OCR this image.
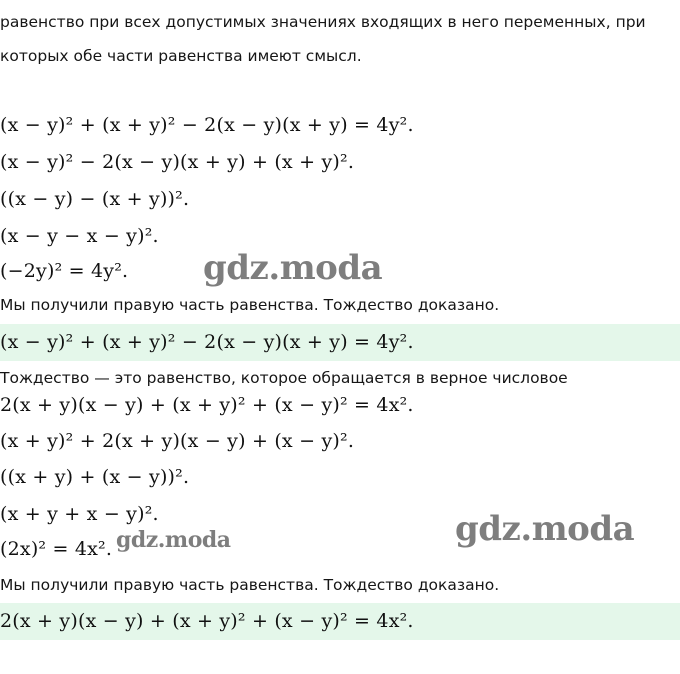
равенство при всех допустимых значениях входящих в него переменных, при
которых обе части равенства имеют смысл.
(x − y)² + (x + y)² − 2(x − y)(x + y) = 4y².
(x − y)² − 2(x − y)(x + y) + (x + y)².
((x − y) − (x + y))².
(x − y − x − y)².
(−2y)² = 4y². gdz.moda
Мы получили правую часть равенства. Тождество доказано.
(x − y)² + (x + y)² − 2(x − y)(x + y) = 4y².
Тождество — это равенство, которое обращается в верное числовое
2(x + y)(x − y) + (x + y)² + (x − y)² = 4x².
(x + y)² + 2(x + y)(x − y) + (x − y)².
((x + y) + (x − y))².
(x + y + x − y)².
(2x)² = 4x². gdz.moda	gdz.moda
Мы получили правую часть равенства. Тождество доказано.
2(x + y)(x − y) + (x + y)² + (x − y)² = 4x².
